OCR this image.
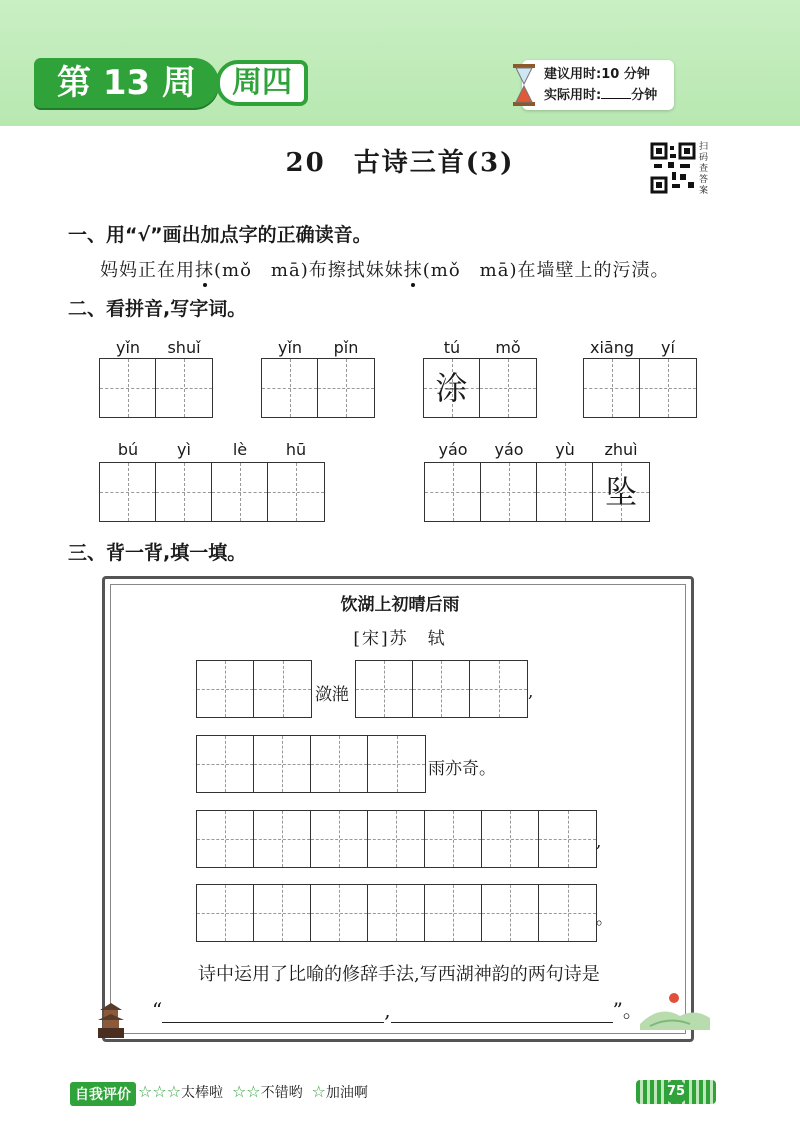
第 13 周	周四	建议用时:10 分钟
实际用时: 分钟
20　古诗三首(3)
扫码查答案
一、用“√”画出加点字的正确读音。
妈妈正在用抹(mǒ　mā)布擦拭妹妹抹(mǒ　mā)在墙壁上的污渍。
二、看拼音,写字词。
yǐn	shuǐ	yǐn	pǐn	tú	mǒ	xiāng	yí
涂
bú	yì	lè	hū	yáo	yáo	yù	zhuì
坠
三、背一背,填一填。
饮湖上初晴后雨
[宋]苏　轼
潋滟	,
雨亦奇。
,
。
诗中运用了比喻的修辞手法,写西湖神韵的两句诗是
“	,	”。
自我评价 ☆☆☆太棒啦 ☆☆不错哟 ☆加油啊	75
